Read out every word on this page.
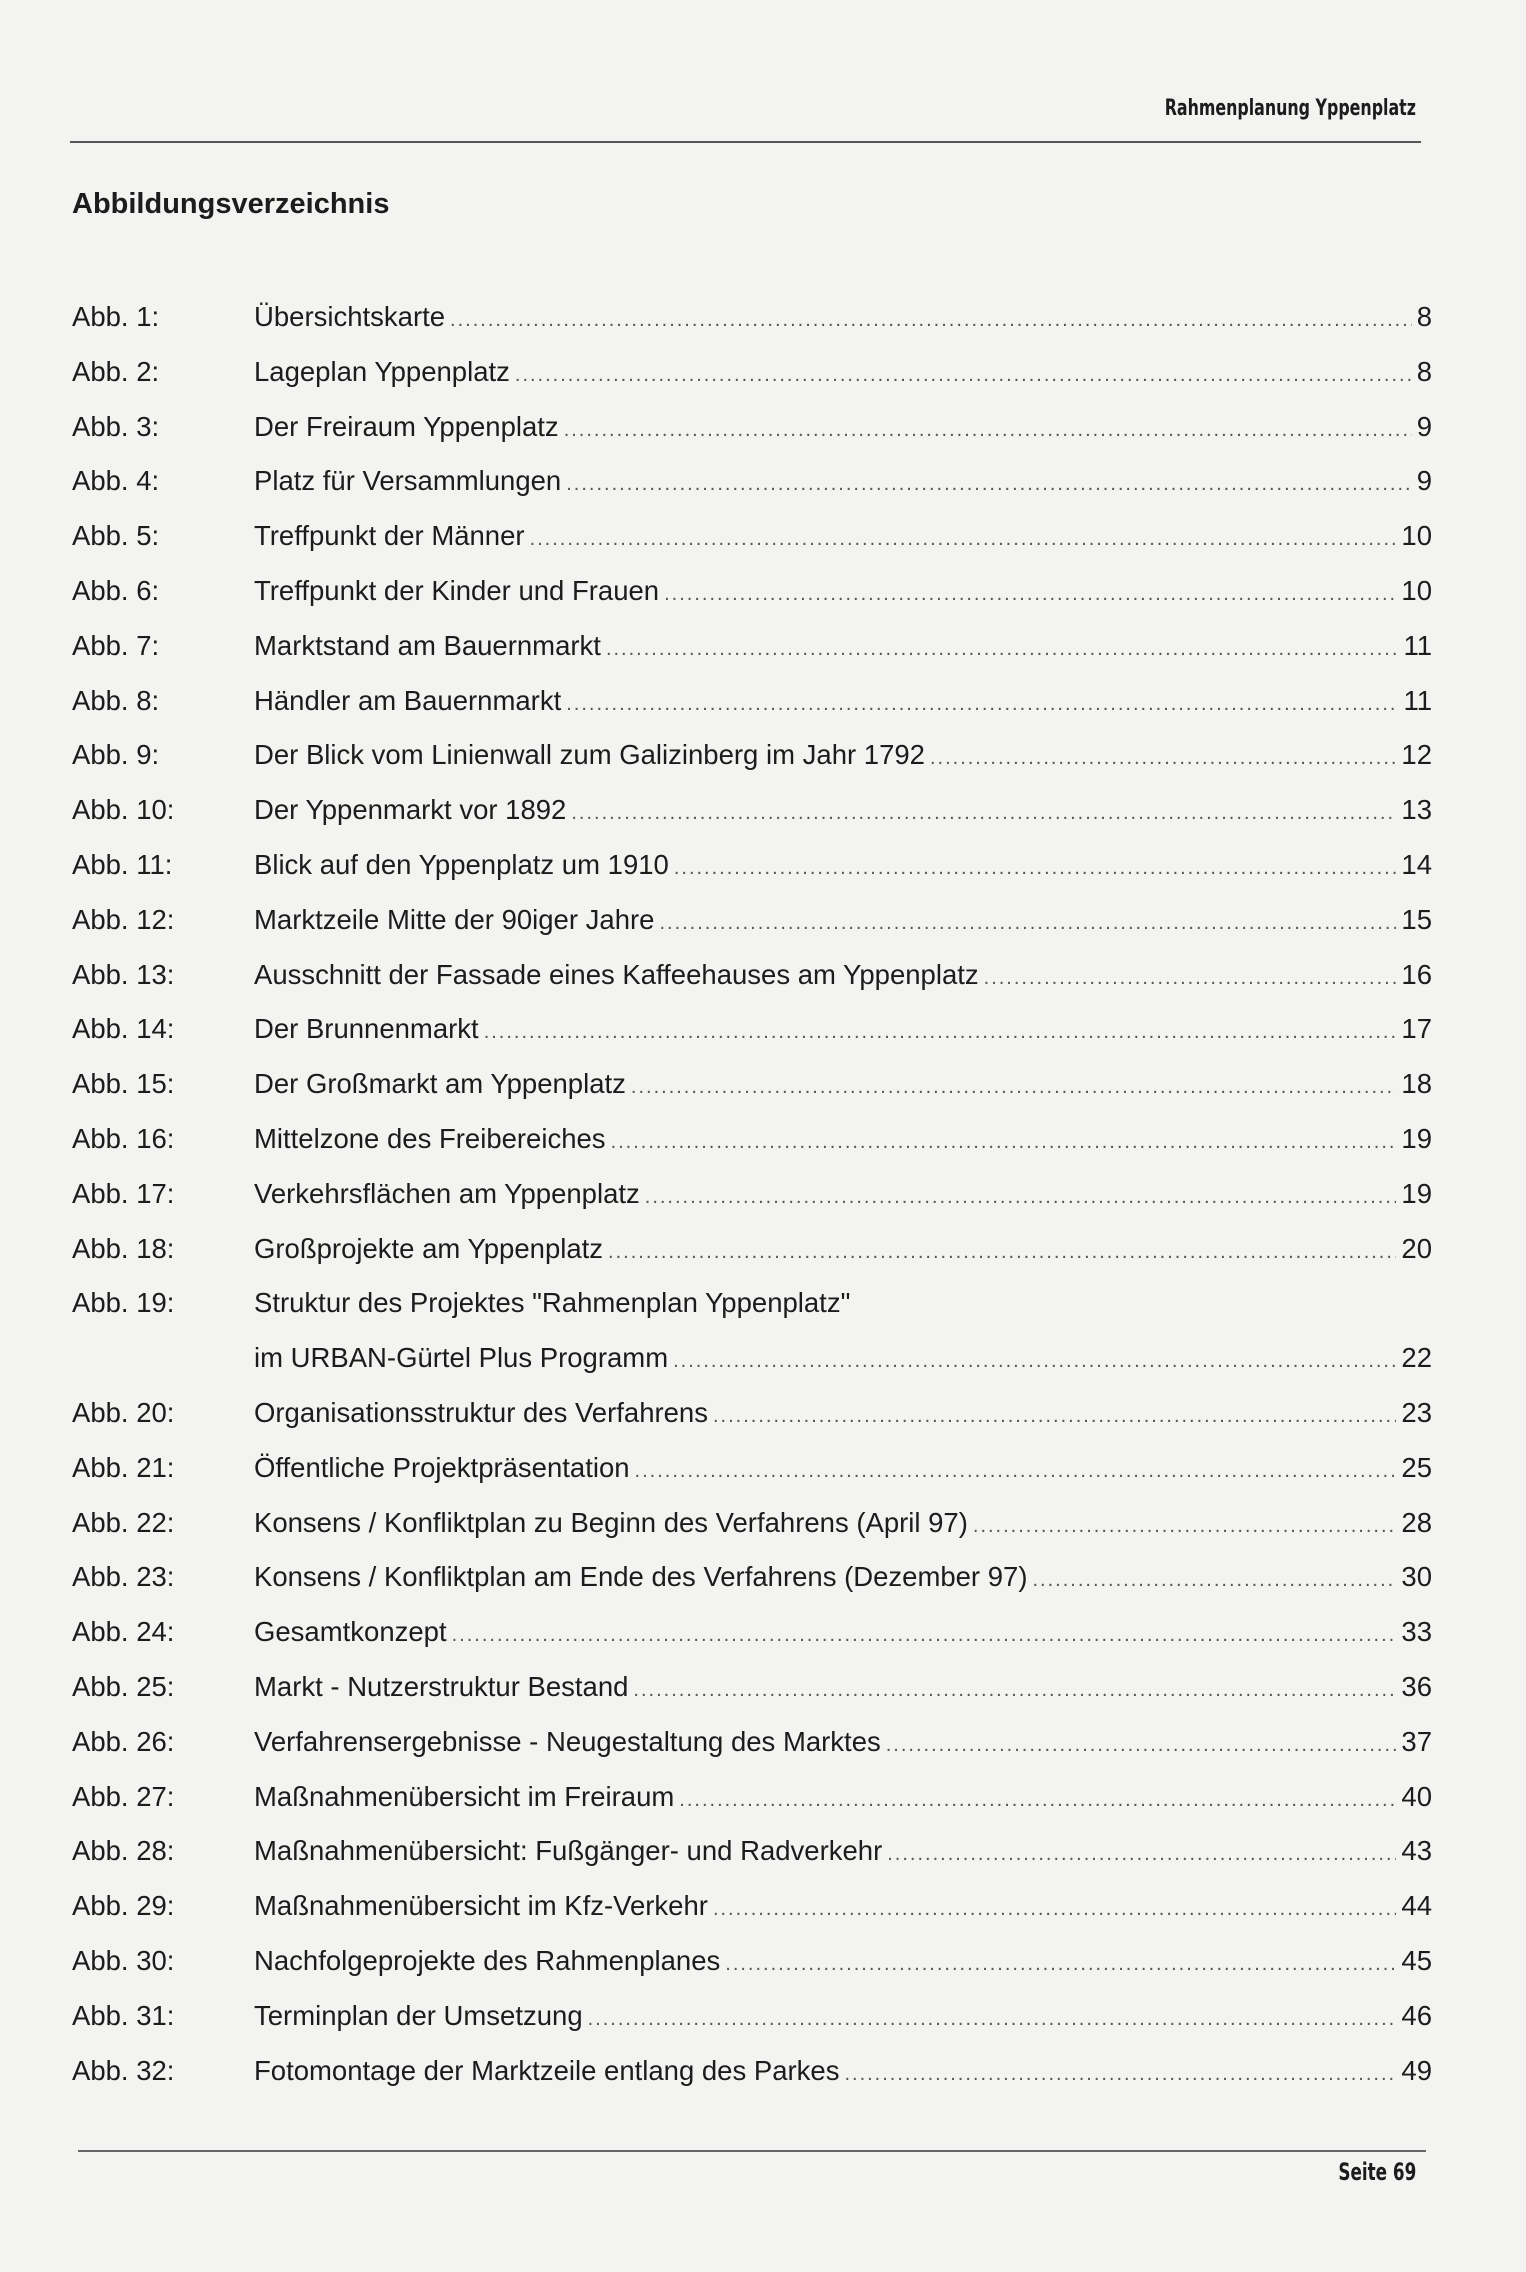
Rahmenplanung Yppenplatz
Abbildungsverzeichnis
Abb. 1:	Übersichtskarte .....	8
Abb. 2:	Lageplan Yppenplatz .....	8
Abb. 3:	Der Freiraum Yppenplatz .....	9
Abb. 4:	Platz für Versammlungen .....	9
Abb. 5:	Treffpunkt der Männer .....	10
Abb. 6:	Treffpunkt der Kinder und Frauen .....	10
Abb. 7:	Marktstand am Bauernmarkt .....	11
Abb. 8:	Händler am Bauernmarkt .....	11
Abb. 9:	Der Blick vom Linienwall zum Galizinberg im Jahr 1792 .....	12
Abb. 10:	Der Yppenmarkt vor 1892 .....	13
Abb. 11:	Blick auf den Yppenplatz um 1910 .....	14
Abb. 12:	Marktzeile Mitte der 90iger Jahre .....	15
Abb. 13:	Ausschnitt der Fassade eines Kaffeehauses am Yppenplatz .....	16
Abb. 14:	Der Brunnenmarkt .....	17
Abb. 15:	Der Großmarkt am Yppenplatz .....	18
Abb. 16:	Mittelzone des Freibereiches .....	19
Abb. 17:	Verkehrsflächen am Yppenplatz .....	19
Abb. 18:	Großprojekte am Yppenplatz .....	20
Abb. 19:	Struktur des Projektes "Rahmenplan Yppenplatz"
im URBAN-Gürtel Plus Programm .....	22
Abb. 20:	Organisationsstruktur des Verfahrens .....	23
Abb. 21:	Öffentliche Projektpräsentation .....	25
Abb. 22:	Konsens / Konfliktplan zu Beginn des Verfahrens (April 97) .....	28
Abb. 23:	Konsens / Konfliktplan am Ende des Verfahrens (Dezember 97) .....	30
Abb. 24:	Gesamtkonzept .....	33
Abb. 25:	Markt - Nutzerstruktur Bestand .....	36
Abb. 26:	Verfahrensergebnisse - Neugestaltung des Marktes .....	37
Abb. 27:	Maßnahmenübersicht im Freiraum .....	40
Abb. 28:	Maßnahmenübersicht: Fußgänger- und Radverkehr .....	43
Abb. 29:	Maßnahmenübersicht im Kfz-Verkehr .....	44
Abb. 30:	Nachfolgeprojekte des Rahmenplanes .....	45
Abb. 31:	Terminplan der Umsetzung .....	46
Abb. 32:	Fotomontage der Marktzeile entlang des Parkes .....	49
Seite 69
